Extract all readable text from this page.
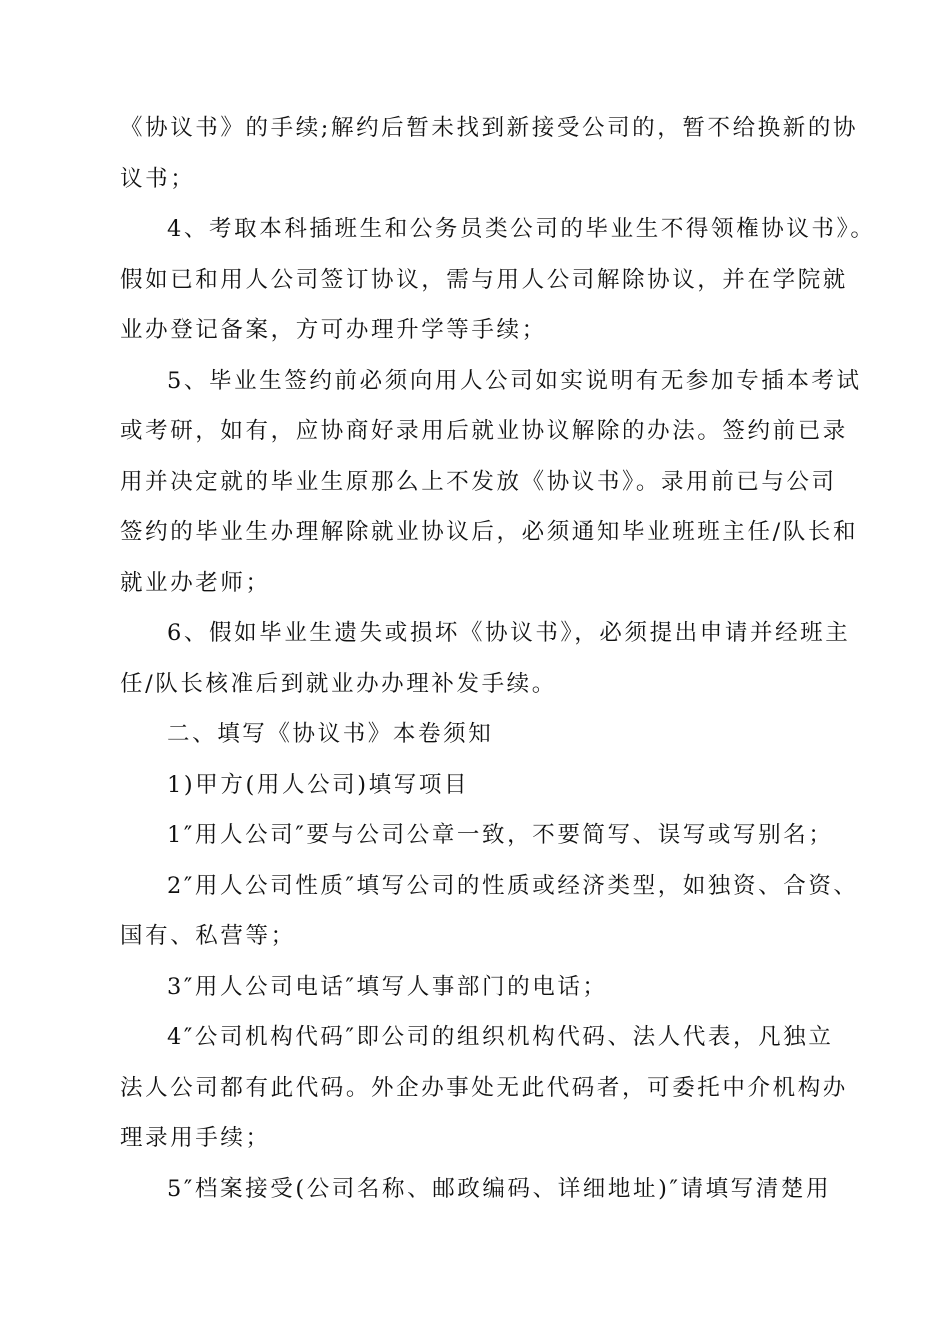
《协议书》的手续;解约后暂未找到新接受公司的，暂不给换新的协
议书；
4、考取本科插班生和公务员类公司的毕业生不得领権协议书》。
假如已和用人公司签订协议，需与用人公司解除协议，并在学院就
业办登记备案，方可办理升学等手续；
5、毕业生签约前必须向用人公司如实说明有无参加专插本考试
或考研，如有，应协商好录用后就业协议解除的办法。签约前已录
用并决定就的毕业生原那么上不发放《协议书》。录用前已与公司
签约的毕业生办理解除就业协议后，必须通知毕业班班主任/队长和
就业办老师；
6、假如毕业生遗失或损坏《协议书》，必须提出申请并经班主
任/队长核准后到就业办办理补发手续。
二、填写《协议书》本卷须知
1)甲方(用人公司)填写项目
1″用人公司″要与公司公章一致，不要简写、误写或写别名；
2″用人公司性质″填写公司的性质或经济类型，如独资、合资、
国有、私营等；
3″用人公司电话″填写人事部门的电话；
4″公司机构代码″即公司的组织机构代码、法人代表，凡独立
法人公司都有此代码。外企办事处无此代码者，可委托中介机构办
理录用手续；
5″档案接受(公司名称、邮政编码、详细地址)″请填写清楚用
